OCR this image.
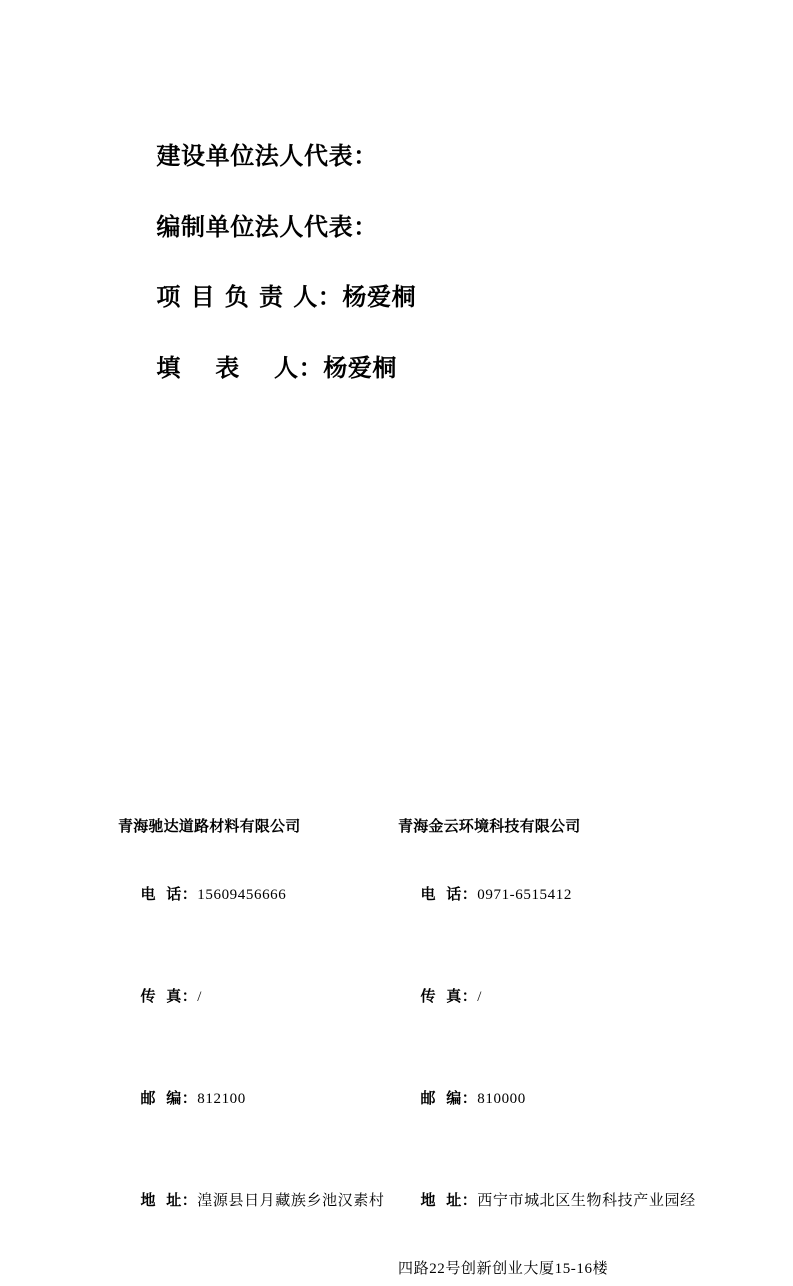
建设单位法人代表：

编制单位法人代表：

项 目 负 责 人：杨爱桐

填　 表　 人：杨爱桐

青海驰达道路材料有限公司

电 话：15609456666

传 真：/

邮 编：812100

地 址：湟源县日月藏族乡池汉素村

青海金云环境科技有限公司

电 话：0971-6515412

传 真：/

邮 编：810000

地 址：西宁市城北区生物科技产业园经

四路22号创新创业大厦15-16楼
